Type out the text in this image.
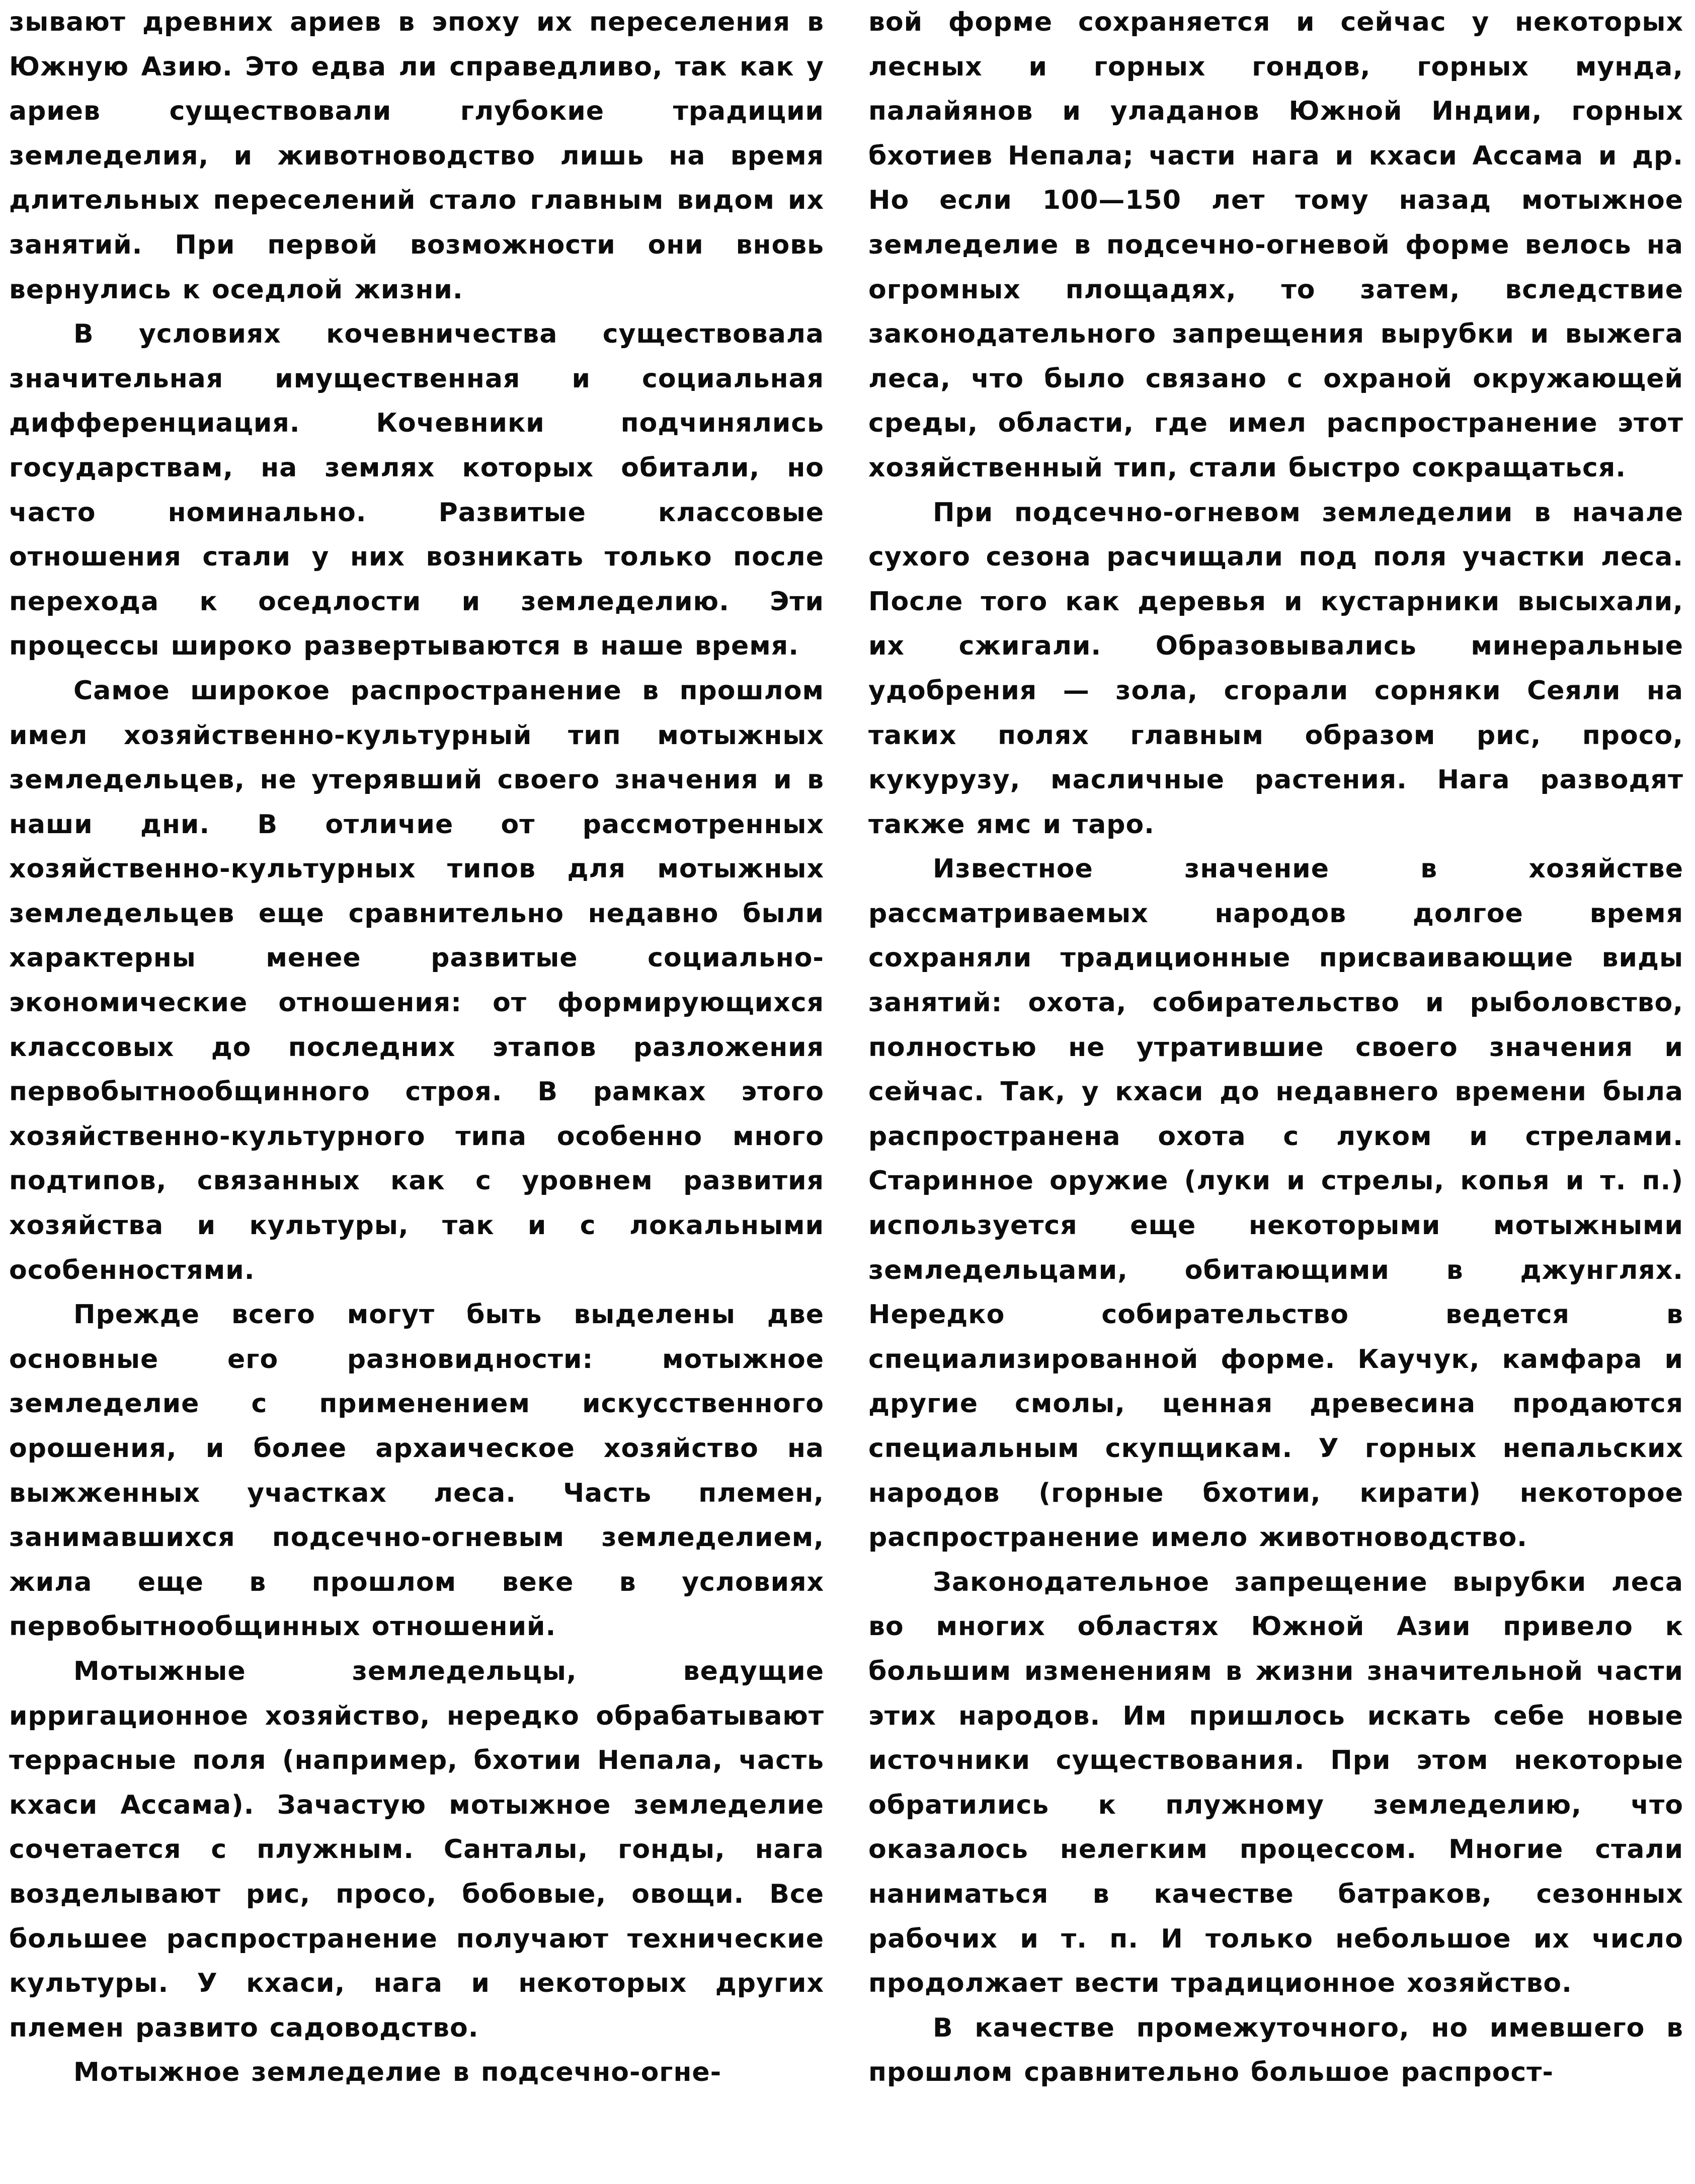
зывают древних ариев в эпоху их переселения в Южную Азию. Это едва ли справедливо, так как у ариев существовали глубокие традиции земледелия, и животноводство лишь на время длительных переселений стало главным видом их занятий. При первой возможности они вновь вернулись к оседлой жизни.

В условиях кочевничества существовала значительная имущественная и социальная дифференциация. Кочевники подчинялись государствам, на землях которых обитали, но часто номинально. Развитые классовые отношения стали у них возникать только после перехода к оседлости и земледелию. Эти процессы широко развертываются в наше время.

Самое широкое распространение в прошлом имел хозяйственно-культурный тип мотыжных земледельцев, не утерявший своего значения и в наши дни. В отличие от рассмотренных хозяйственно-культурных типов для мотыжных земледельцев еще сравнительно недавно были характерны менее развитые социально-экономические отношения: от формирующихся классовых до последних этапов разложения первобытнообщинного строя. В рамках этого хозяйственно-культурного типа особенно много подтипов, связанных как с уровнем развития хозяйства и культуры, так и с локальными особенностями.

Прежде всего могут быть выделены две основные его разновидности: мотыжное земледелие с применением искусственного орошения, и более архаическое хозяйство на выжженных участках леса. Часть племен, занимавшихся подсечно-огневым земледелием, жила еще в прошлом веке в условиях первобытнообщинных отношений.

Мотыжные земледельцы, ведущие ирригационное хозяйство, нередко обрабатывают террасные поля (например, бхотии Непала, часть кхаси Ассама). Зачастую мотыжное земледелие сочетается с плужным. Санталы, гонды, нага возделывают рис, просо, бобовые, овощи. Все большее распространение получают технические культуры. У кхаси, нага и некоторых других племен развито садоводство.

Мотыжное земледелие в подсечно-огне-

вой форме сохраняется и сейчас у некоторых лесных и горных гондов, горных мунда, палайянов и уладанов Южной Индии, горных бхотиев Непала; части нага и кхаси Ассама и др. Но если 100—150 лет тому назад мотыжное земледелие в подсечно-огневой форме велось на огромных площадях, то затем, вследствие законодательного запрещения вырубки и выжега леса, что было связано с охраной окружающей среды, области, где имел распространение этот хозяйственный тип, стали быстро сокращаться.

При подсечно-огневом земледелии в начале сухого сезона расчищали под поля участки леса. После того как деревья и кустарники высыхали, их сжигали. Образовывались минеральные удобрения — зола, сгорали сорняки Сеяли на таких полях главным образом рис, просо, кукурузу, масличные растения. Нага разводят также ямс и таро.

Известное значение в хозяйстве рассматриваемых народов долгое время сохраняли традиционные присваивающие виды занятий: охота, собирательство и рыболовство, полностью не утратившие своего значения и сейчас. Так, у кхаси до недавнего времени была распространена охота с луком и стрелами. Старинное оружие (луки и стрелы, копья и т. п.) используется еще некоторыми мотыжными земледельцами, обитающими в джунглях. Нередко собирательство ведется в специализированной форме. Каучук, камфара и другие смолы, ценная древесина продаются специальным скупщикам. У горных непальских народов (горные бхотии, кирати) некоторое распространение имело животноводство.

Законодательное запрещение вырубки леса во многих областях Южной Азии привело к большим изменениям в жизни значительной части этих народов. Им пришлось искать себе новые источники существования. При этом некоторые обратились к плужному земледелию, что оказалось нелегким процессом. Многие стали наниматься в качестве батраков, сезонных рабочих и т. п. И только небольшое их число продолжает вести традиционное хозяйство.

В качестве промежуточного, но имевшего в прошлом сравнительно большое распрост-
